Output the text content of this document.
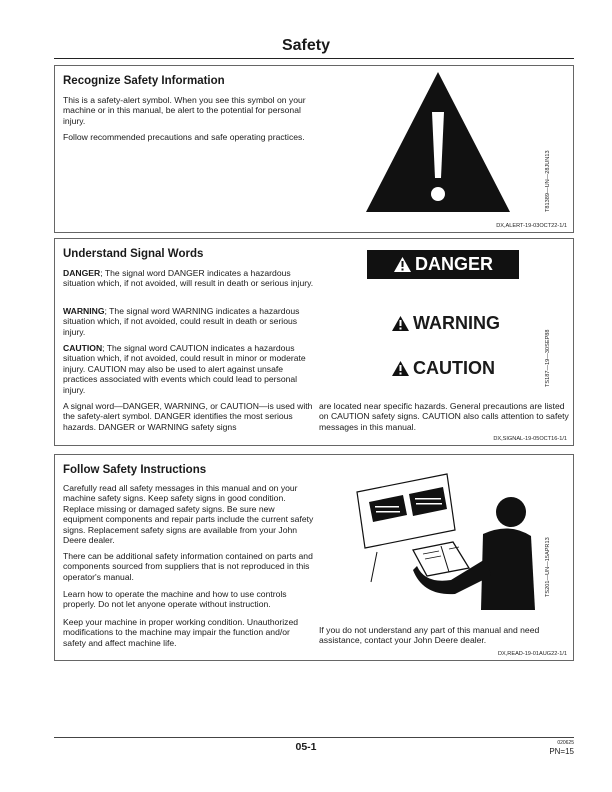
Safety
Recognize Safety Information

This is a safety-alert symbol. When you see this symbol on your machine or in this manual, be alert to the potential for personal injury.

Follow recommended precautions and safe operating practices.

T81389—UN—28JUN13
DX,ALERT-19-03OCT22-1/1
Understand Signal Words

DANGER; The signal word DANGER indicates a hazardous situation which, if not avoided, will result in death or serious injury.

WARNING; The signal word WARNING indicates a hazardous situation which, if not avoided, could result in death or serious injury.

CAUTION; The signal word CAUTION indicates a hazardous situation which, if not avoided, could result in minor or moderate injury. CAUTION may also be used to alert against unsafe practices associated with events which could lead to personal injury.

DANGER
WARNING
CAUTION	TS187—19—30SEP88

A signal word—DANGER, WARNING, or CAUTION—is used with the safety-alert symbol. DANGER identifies the most serious hazards. DANGER or WARNING safety signs

are located near specific hazards. General precautions are listed on CAUTION safety signs. CAUTION also calls attention to safety messages in this manual.

DX,SIGNAL-19-05OCT16-1/1
Follow Safety Instructions

Carefully read all safety messages in this manual and on your machine safety signs. Keep safety signs in good condition. Replace missing or damaged safety signs. Be sure new equipment components and repair parts include the current safety signs. Replacement safety signs are available from your John Deere dealer.

There can be additional safety information contained on parts and components sourced from suppliers that is not reproduced in this operator's manual.

Learn how to operate the machine and how to use controls properly. Do not let anyone operate without instruction.

Keep your machine in proper working condition. Unauthorized modifications to the machine may impair the function and/or safety and affect machine life.

TS201—UN—15APR13

If you do not understand any part of this manual and need assistance, contact your John Deere dealer.

DX,READ-19-01AUG22-1/1
05-1	020625
PN=15
